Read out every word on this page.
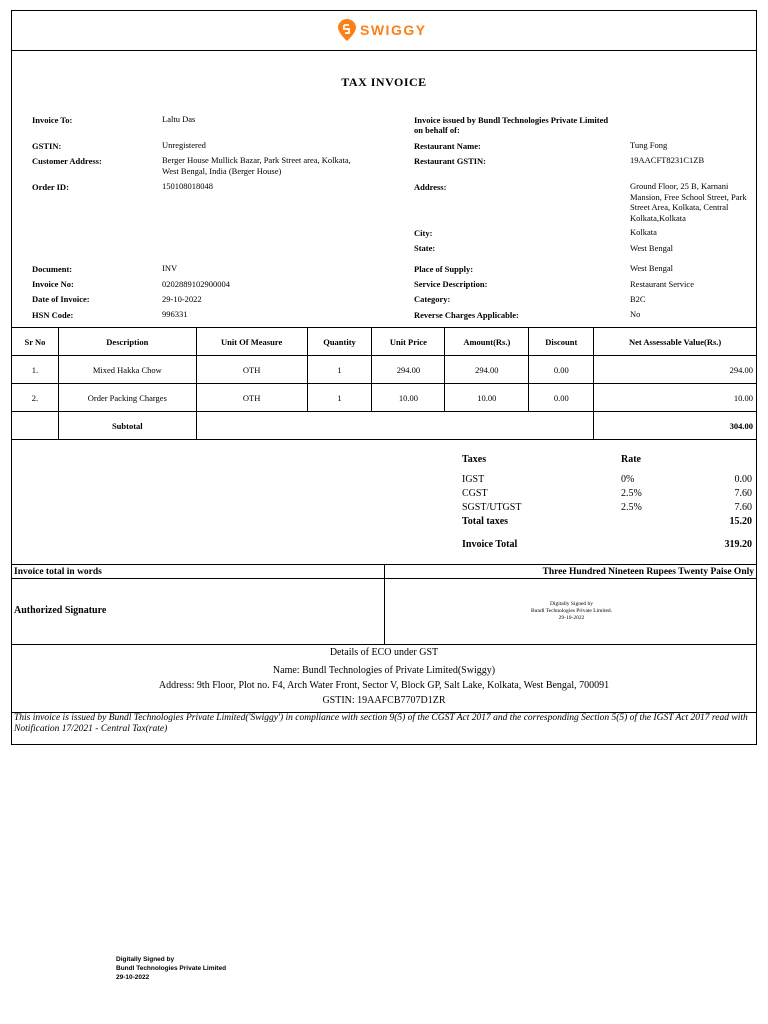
SWIGGY
TAX INVOICE
Invoice To:	Laltu Das
GSTIN:	Unregistered
Customer Address:	Berger House Mullick Bazar, Park Street area, Kolkata, West Bengal, India (Berger House)
Order ID:	150108018048
Document:	INV
Invoice No:	0202889102900004
Date of Invoice:	29-10-2022
HSN Code:	996331
Invoice issued by Bundl Technologies Private Limited on behalf of:
Restaurant Name:	Tung Fong
Restaurant GSTIN:	19AACFT8231C1ZB
Address:	Ground Floor, 25 B, Karnani Mansion, Free School Street, Park Street Area, Kolkata, Central Kolkata,Kolkata
City:	Kolkata
State:	West Bengal
Place of Supply:	West Bengal
Service Description:	Restaurant Service
Category:	B2C
Reverse Charges Applicable:	No
Sr No	Description	Unit Of Measure	Quantity	Unit Price	Amount(Rs.)	Discount	Net Assessable Value(Rs.)
1.	Mixed Hakka Chow	OTH	1	294.00	294.00	0.00	294.00
2.	Order Packing Charges	OTH	1	10.00	10.00	0.00	10.00
	Subtotal						304.00
Taxes	Rate
IGST	0%	0.00
CGST	2.5%	7.60
SGST/UTGST	2.5%	7.60
Total taxes	15.20
Invoice Total	319.20
Invoice total in words	Three Hundred Nineteen Rupees Twenty Paise Only
Authorized Signature
Digitally Signed by
Bundl Technologies Private Limited.
29-10-2022
Details of ECO under GST
Name: Bundl Technologies of Private Limited(Swiggy)
Address: 9th Floor, Plot no. F4, Arch Water Front, Sector V, Block GP, Salt Lake, Kolkata, West Bengal, 700091
GSTIN: 19AAFCB7707D1ZR
This invoice is issued by Bundl Technologies Private Limited('Swiggy') in compliance with section 9(5) of the CGST Act 2017 and the corresponding Section 5(5) of the IGST Act 2017 read with Notification 17/2021 - Central Tax(rate)
Digitally Signed by
Bundl Technologies Private Limited
29-10-2022
